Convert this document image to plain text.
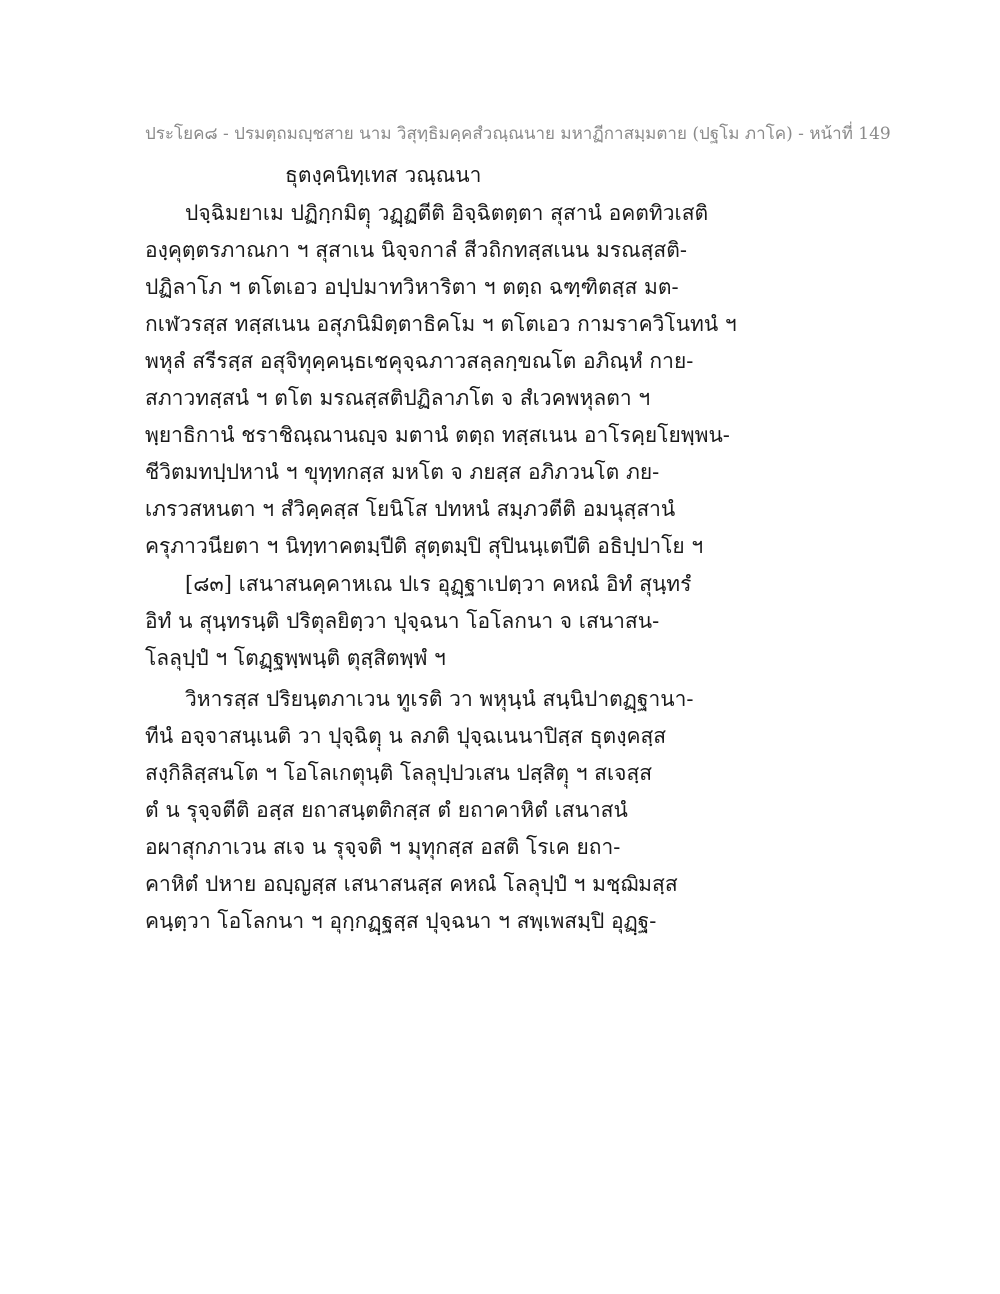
ประโยค๘ - ปรมตฺถมญฺชสาย นาม วิสุทฺธิมคฺคสํวณฺณนาย มหาฏีกาสมฺมตาย (ปฐโม ภาโค) - หน้าที่ 149
ธุตงฺคนิทฺเทส วณฺณนา
ปจฺฉิมยาเม ปฏิกฺกมิตฺุ วฏฺฏตีติ อิจฺฉิตตฺตา สุสานํ อคตทิวเสติ
องฺคุตฺตรภาณกา ฯ สุสาเน นิจฺจกาลํ สีวถิกทสฺสเนน มรณสฺสติ-
ปฏิลาโภ ฯ ตโตเอว อปฺปมาทวิหาริตา ฯ ตตฺถ ฉฑฺฑิตสฺส มต-
กเฬวรสฺส ทสฺสเนน อสุภนิมิตฺตาธิคโม ฯ ตโตเอว กามราควิโนทนํ ฯ
พหุลํ สรีรสฺส อสุจิทุคฺคนฺธเชคุจฺฉภาวสลฺลกฺขณโต อภิณฺหํ กาย-
สภาวทสฺสนํ ฯ ตโต มรณสฺสติปฏิลาภโต จ สํเวคพหุลตา ฯ
พฺยาธิกานํ ชราชิณฺณานญฺจ มตานํ ตตฺถ ทสฺสเนน อาโรคฺยโยพฺพน-
ชีวิตมทปฺปหานํ ฯ ขุทฺทกสฺส มหโต จ ภยสฺส อภิภวนโต ภย-
เภรวสหนตา ฯ สํวิคฺคสฺส โยนิโส ปทหนํ สมฺภวตีติ อมนุสฺสานํ
ครุภาวนียตา ฯ นิทฺทาคตมฺปีติ สุตฺตมฺปิ สุปินนฺเตปีติ อธิปฺปาโย ฯ
[๘๓] เสนาสนคฺคาหเณ ปเร อุฏฺฐาเปตฺวา คหณํ อิทํ สุนฺทรํ
อิทํ น สุนฺทรนฺติ ปริตุลยิตฺวา ปุจฺฉนา โอโลกนา จ เสนาสน-
โลลุปฺปํ ฯ โตฏฺฐพฺพนฺติ ตุสฺสิตพฺพํ ฯ
วิหารสฺส ปริยนฺตภาเวน ทูเรติ วา พหุนฺนํ สนฺนิปาตฏฺฐานา-
ทีนํ อจฺจาสนฺเนติ วา ปุจฺฉิตฺุ น ลภติ ปุจฺฉเนนาปิสฺส ธุตงฺคสฺส
สงฺกิลิสฺสนโต ฯ โอโลเกตุนฺติ โลลุปฺปวเสน ปสฺสิตฺุ ฯ สเจสฺส
ตํ น รุจฺจตีติ อสฺส ยถาสนฺตติกสฺส ตํ ยถาคาหิตํ เสนาสนํ
อผาสุกภาเวน สเจ น รุจฺจติ ฯ มุทุกสฺส อสติ โรเค ยถา-
คาหิตํ ปหาย อญฺญสฺส เสนาสนสฺส คหณํ โลลุปฺปํ ฯ มชฺฌิมสฺส
คนฺตฺวา โอโลกนา ฯ อุกฺกฏฺฐสฺส ปุจฺฉนา ฯ สพฺเพสมฺปิ อุฏฺฐ-
